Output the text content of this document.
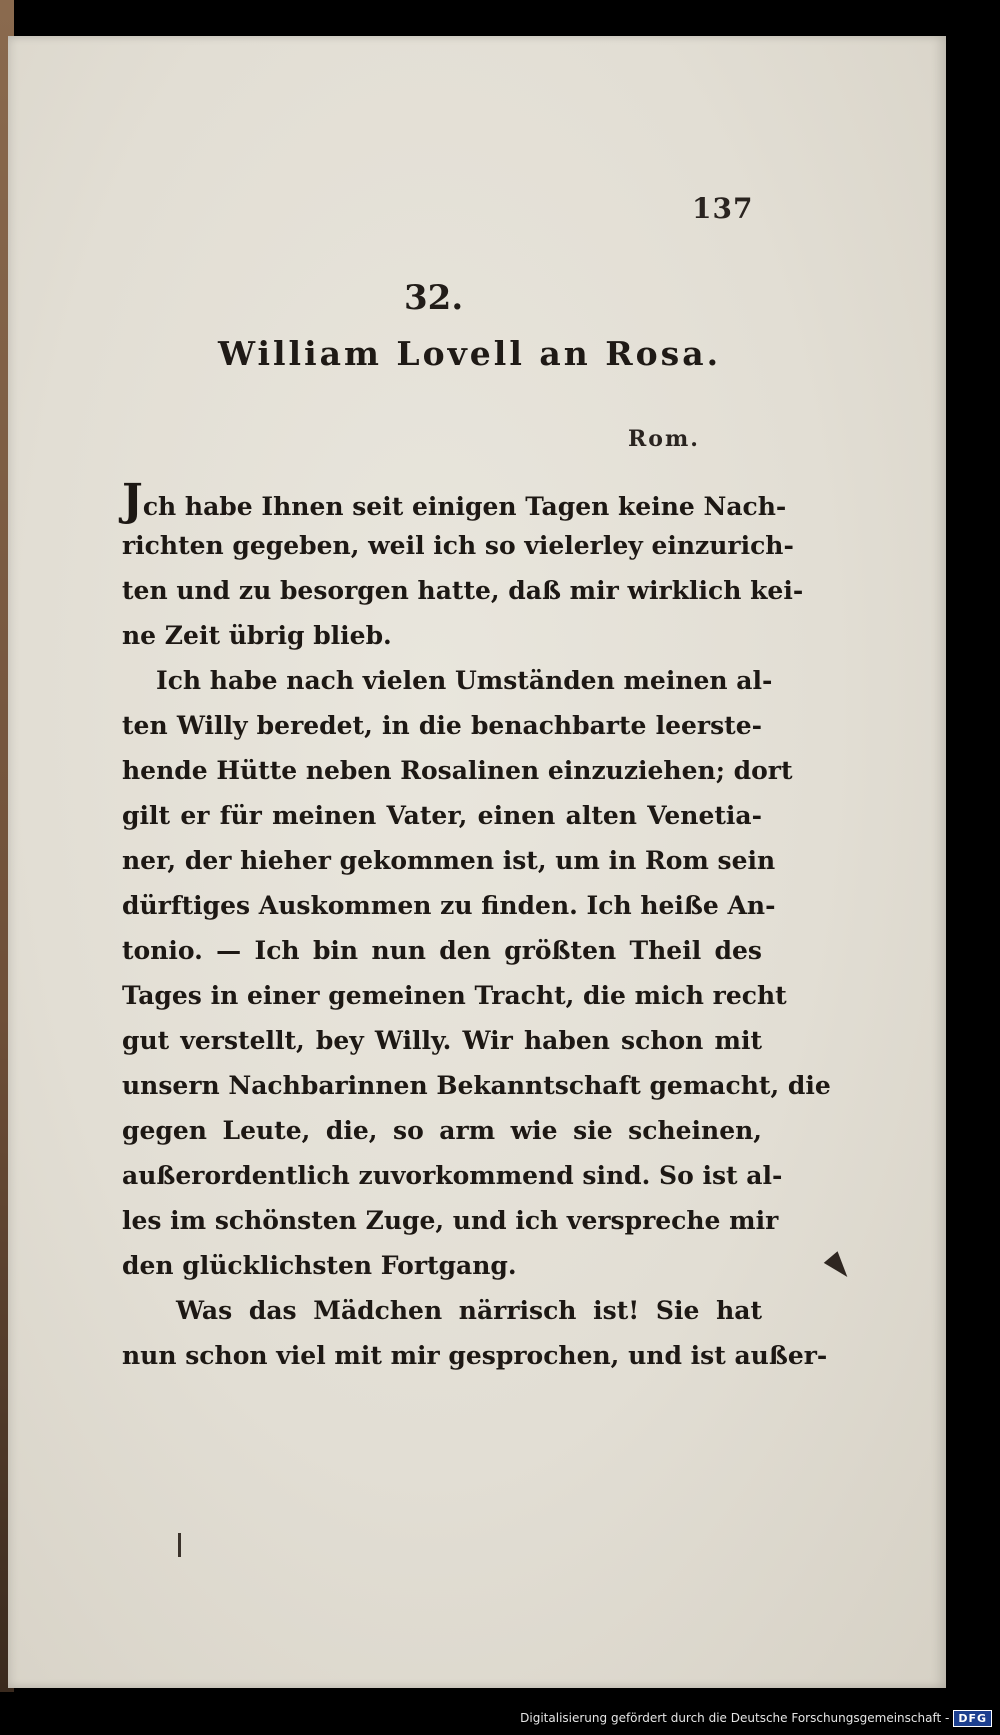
137
32.
William Lovell an Rosa.
Rom.
Jch habe Ihnen seit einigen Tagen keine Nach-
richten gegeben, weil ich so vielerley einzurich-
ten und zu besorgen hatte, daß mir wirklich kei-
ne Zeit übrig blieb.
Ich habe nach vielen Umständen meinen al-
ten Willy beredet, in die benachbarte leerste-
hende Hütte neben Rosalinen einzuziehen; dort
gilt er für meinen Vater, einen alten Venetia-
ner, der hieher gekommen ist, um in Rom sein
dürftiges Auskommen zu finden. Ich heiße An-
tonio. — Ich bin nun den größten Theil des
Tages in einer gemeinen Tracht, die mich recht
gut verstellt, bey Willy. Wir haben schon mit
unsern Nachbarinnen Bekanntschaft gemacht, die
gegen Leute, die, so arm wie sie scheinen,
außerordentlich zuvorkommend sind. So ist al-
les im schönsten Zuge, und ich verspreche mir
den glücklichsten Fortgang.
Was das Mädchen närrisch ist! Sie hat
nun schon viel mit mir gesprochen, und ist außer-
Digitalisierung gefördert durch die Deutsche Forschungsgemeinschaft - DFG
